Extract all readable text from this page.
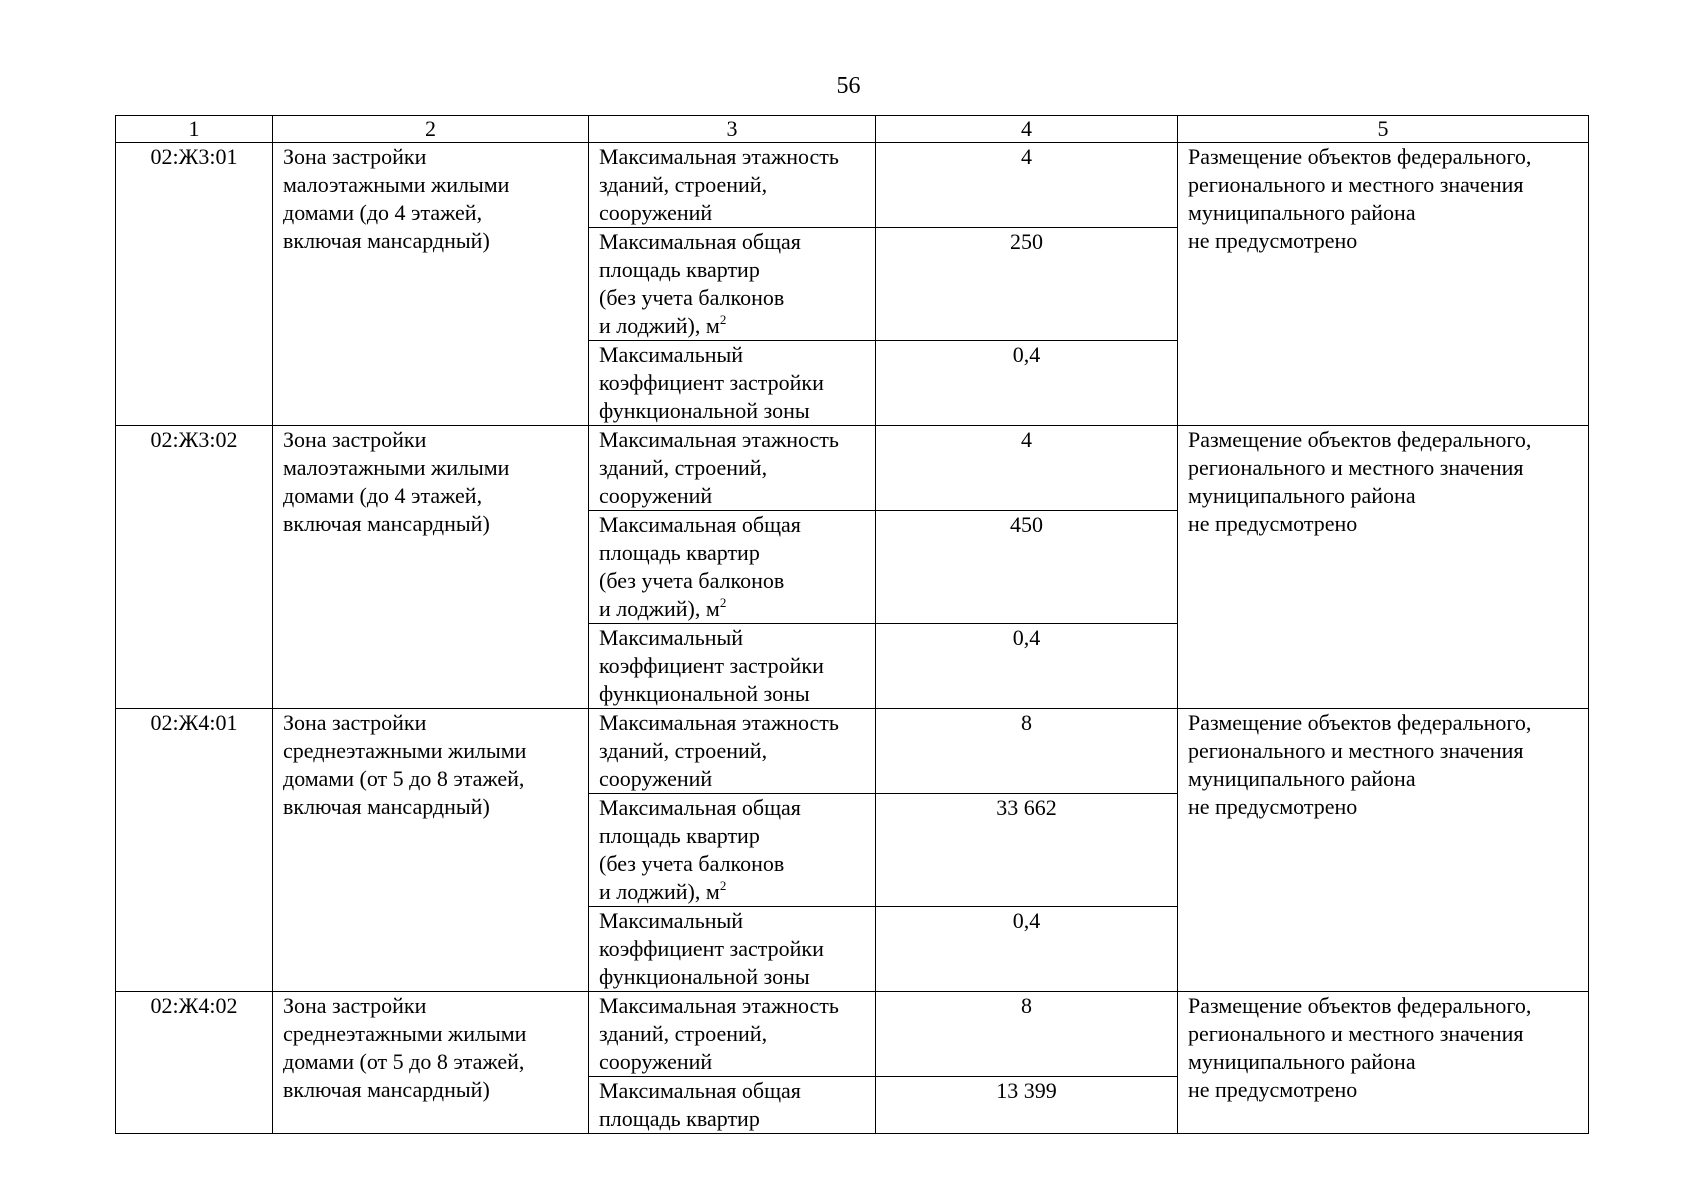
56
1	2	3	4	5
02:Ж3:01	Зона застройки
малоэтажными жилыми
домами (до 4 этажей,
включая мансардный)	Максимальная этажность
зданий, строений,
сооружений	4	Размещение объектов федерального,
регионального и местного значения
муниципального района
не предусмотрено
		Максимальная общая
площадь квартир
(без учета балконов
и лоджий), $м^2$	250	
		Максимальный
коэффициент застройки
функциональной зоны	0,4	
02:Ж3:02	Зона застройки
малоэтажными жилыми
домами (до 4 этажей,
включая мансардный)	Максимальная этажность
зданий, строений,
сооружений	4	Размещение объектов федерального,
регионального и местного значения
муниципального района
не предусмотрено
		Максимальная общая
площадь квартир
(без учета балконов
и лоджий), $м^2$	450	
		Максимальный
коэффициент застройки
функциональной зоны	0,4	
02:Ж4:01	Зона застройки
среднеэтажными жилыми
домами (от 5 до 8 этажей,
включая мансардный)	Максимальная этажность
зданий, строений,
сооружений	8	Размещение объектов федерального,
регионального и местного значения
муниципального района
не предусмотрено
		Максимальная общая
площадь квартир
(без учета балконов
и лоджий), $м^2$	33 662	
		Максимальный
коэффициент застройки
функциональной зоны	0,4	
02:Ж4:02	Зона застройки
среднеэтажными жилыми
домами (от 5 до 8 этажей,
включая мансардный)	Максимальная этажность
зданий, строений,
сооружений	8	Размещение объектов федерального,
регионального и местного значения
муниципального района
не предусмотрено
		Максимальная общая
площадь квартир	13 399	
